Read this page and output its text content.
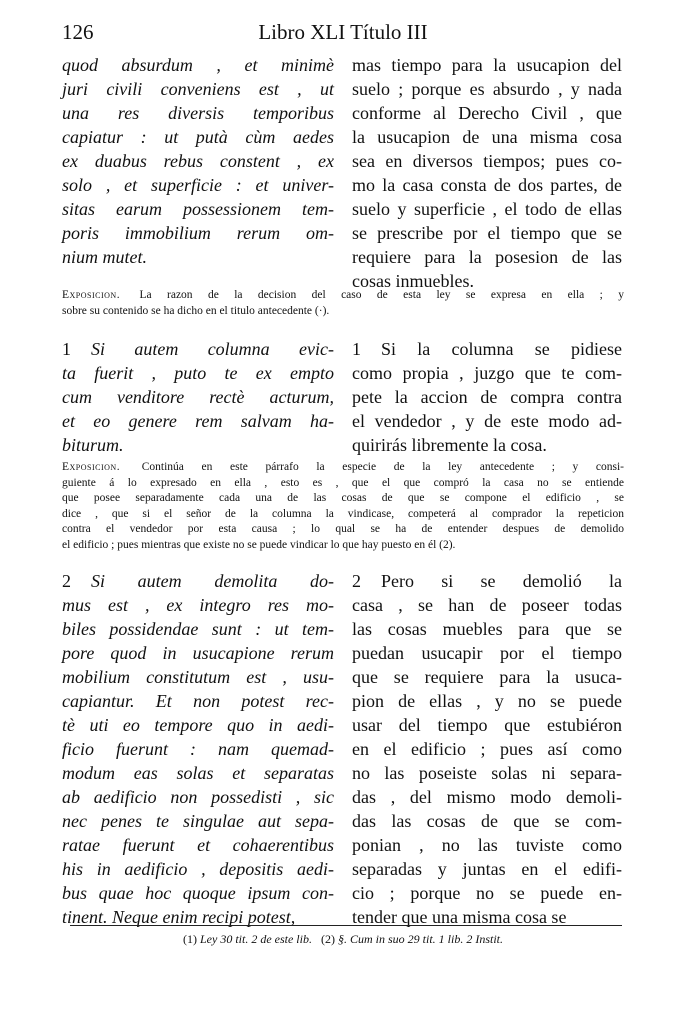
126	Libro XLI Título III
quod absurdum , et minimè
juri civili conveniens est , ut
una res diversis temporibus
capiatur : ut putà cùm aedes
ex duabus rebus constent , ex
solo , et superficie : et univer-
sitas earum possessionem tem-
poris immobilium rerum om-
nium mutet.
mas tiempo para la usucapion del
suelo ; porque es absurdo , y nada
conforme al Derecho Civil , que
la usucapion de una misma cosa
sea en diversos tiempos; pues co-
mo la casa consta de dos partes, de
suelo y superficie , el todo de ellas
se prescribe por el tiempo que se
requiere para la posesion de las
cosas inmuebles.
Exposicion. La razon de la decision del caso de esta ley se expresa en ella ; y
sobre su contenido se ha dicho en el titulo antecedente (·).
1 Si autem columna evic-
ta fuerit , puto te ex empto
cum venditore rectè acturum,
et eo genere rem salvam ha-
biturum.
1 Si la columna se pidiese
como propia , juzgo que te com-
pete la accion de compra contra
el vendedor , y de este modo ad-
quirirás libremente la cosa.
Exposicion. Continúa en este párrafo la especie de la ley antecedente ; y consi-
guiente á lo expresado en ella , esto es , que el que compró la casa no se entiende
que posee separadamente cada una de las cosas de que se compone el edificio , se
dice , que si el señor de la columna la vindicase, competerá al comprador la repeticion
contra el vendedor por esta causa ; lo qual se ha de entender despues de demolido
el edificio ; pues mientras que existe no se puede vindicar lo que hay puesto en él (2).
2 Si autem demolita do-
mus est , ex integro res mo-
biles possidendae sunt : ut tem-
pore quod in usucapione rerum
mobilium constitutum est , usu-
capiantur. Et non potest rec-
tè uti eo tempore quo in aedi-
ficio fuerunt : nam quemad-
modum eas solas et separatas
ab aedificio non possedisti , sic
nec penes te singulae aut sepa-
ratae fuerunt et cohaerentibus
his in aedificio , depositis aedi-
bus quae hoc quoque ipsum con-
tinent. Neque enim recipi potest,
2 Pero si se demolió la
casa , se han de poseer todas
las cosas muebles para que se
puedan usucapir por el tiempo
que se requiere para la usuca-
pion de ellas , y no se puede
usar del tiempo que estubiéron
en el edificio ; pues así como
no las poseiste solas ni separa-
das , del mismo modo demoli-
das las cosas de que se com-
ponian , no las tuviste como
separadas y juntas en el edifi-
cio ; porque no se puede en-
tender que una misma cosa se
(1) Ley 30 tit. 2 de este lib. (2) §. Cum in suo 29 tit. 1 lib. 2 Instit.
